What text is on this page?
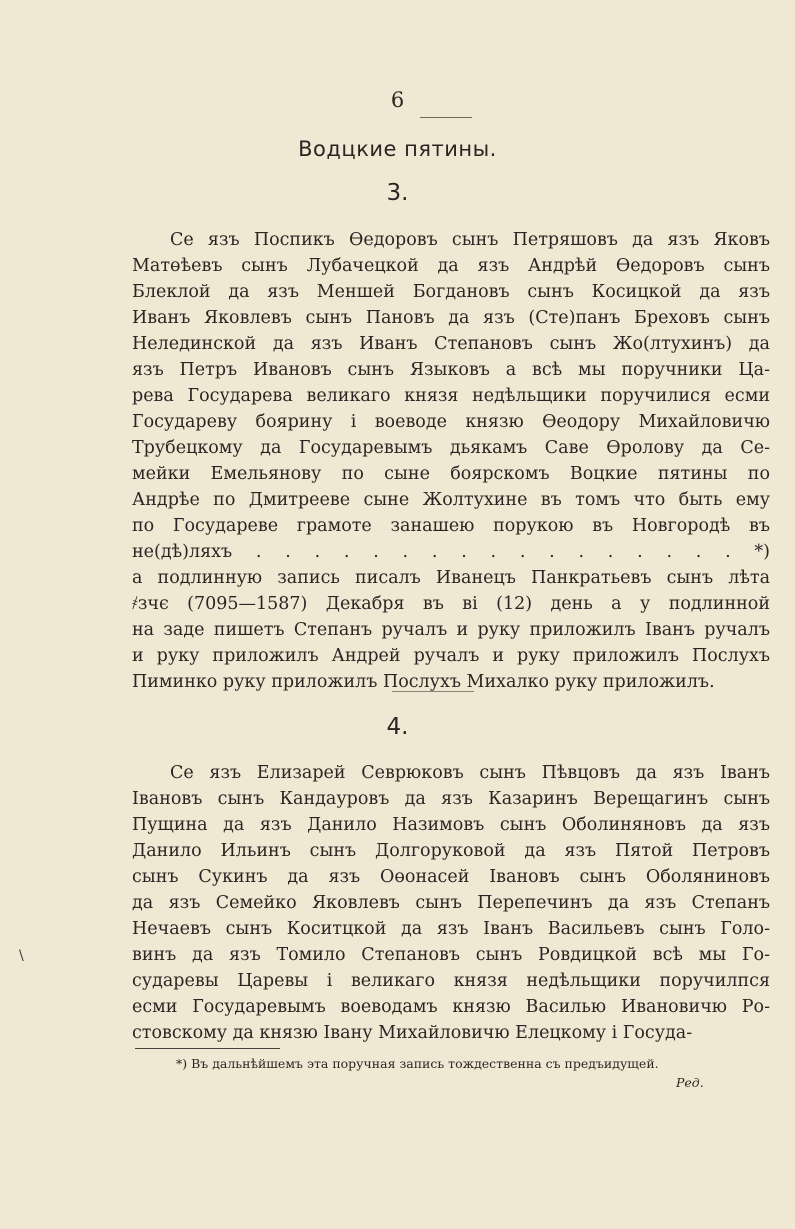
6
Водцкие пятины.
3.
Се язъ Поспикъ Өедоровъ сынъ Петряшовъ да язъ Яковъ
Матөѣевъ сынъ Лубачецкой да язъ Андрѣй Өедоровъ сынъ
Блеклой да язъ Меншей Богдановъ сынъ Косицкой да язъ
Иванъ Яковлевъ сынъ Пановъ да язъ (Сте)панъ Бреховъ сынъ
Нелединской да язъ Иванъ Степановъ сынъ Жо(лтухинъ) да
язъ Петръ Ивановъ сынъ Языковъ а всѣ мы поручники Ца-
рева Государева великаго князя недѣльщики поручилися есми
Государеву боярину і воеводе князю Өеодору Михайловичю
Трубецкому да Государевымъ дьякамъ Саве Өролову да Се-
мейки Емельянову по сыне боярскомъ Воцкие пятины по
Андрѣе по Дмитрееве сыне Жолтухине въ томъ что быть ему
по Государеве грамоте занашею порукою въ Новгородѣ въ
не(дѣ)ляхъ . . . . . . . . . . . . . . . . . *)
а подлинную запись писалъ Иванецъ Панкратьевъ сынъ лѣта
҂зчє (7095—1587) Декабря въ ві (12) день а у подлинной
на заде пишетъ Степанъ ручалъ и руку приложилъ Іванъ ручалъ
и руку приложилъ Андрей ручалъ и руку приложилъ Послухъ
Пиминко руку приложилъ Послухъ Михалко руку приложилъ.
4.
Се язъ Елизарей Севрюковъ сынъ Пѣвцовъ да язъ Іванъ
Івановъ сынъ Кандауровъ да язъ Казаринъ Верещагинъ сынъ
Пущина да язъ Данило Назимовъ сынъ Оболиняновъ да язъ
Данило Ильинъ сынъ Долгоруковой да язъ Пятой Петровъ
сынъ Сукинъ да язъ Оөонасей Івановъ сынъ Оболяниновъ
да язъ Семейко Яковлевъ сынъ Перепечинъ да язъ Степанъ
Нечаевъ сынъ Коситцкой да язъ Іванъ Васильевъ сынъ Голо-
винъ да язъ Томило Степановъ сынъ Ровдицкой всѣ мы Го-
сударевы Царевы і великаго князя недѣльщики поручилпся
есми Государевымъ воеводамъ князю Василью Ивановичю Ро-
стовскому да князю Івану Михайловичю Елецкому і Госуда-
\
*) Въ дальнѣйшемъ эта поручная запись тождественна съ предъидущей.
Ред.
